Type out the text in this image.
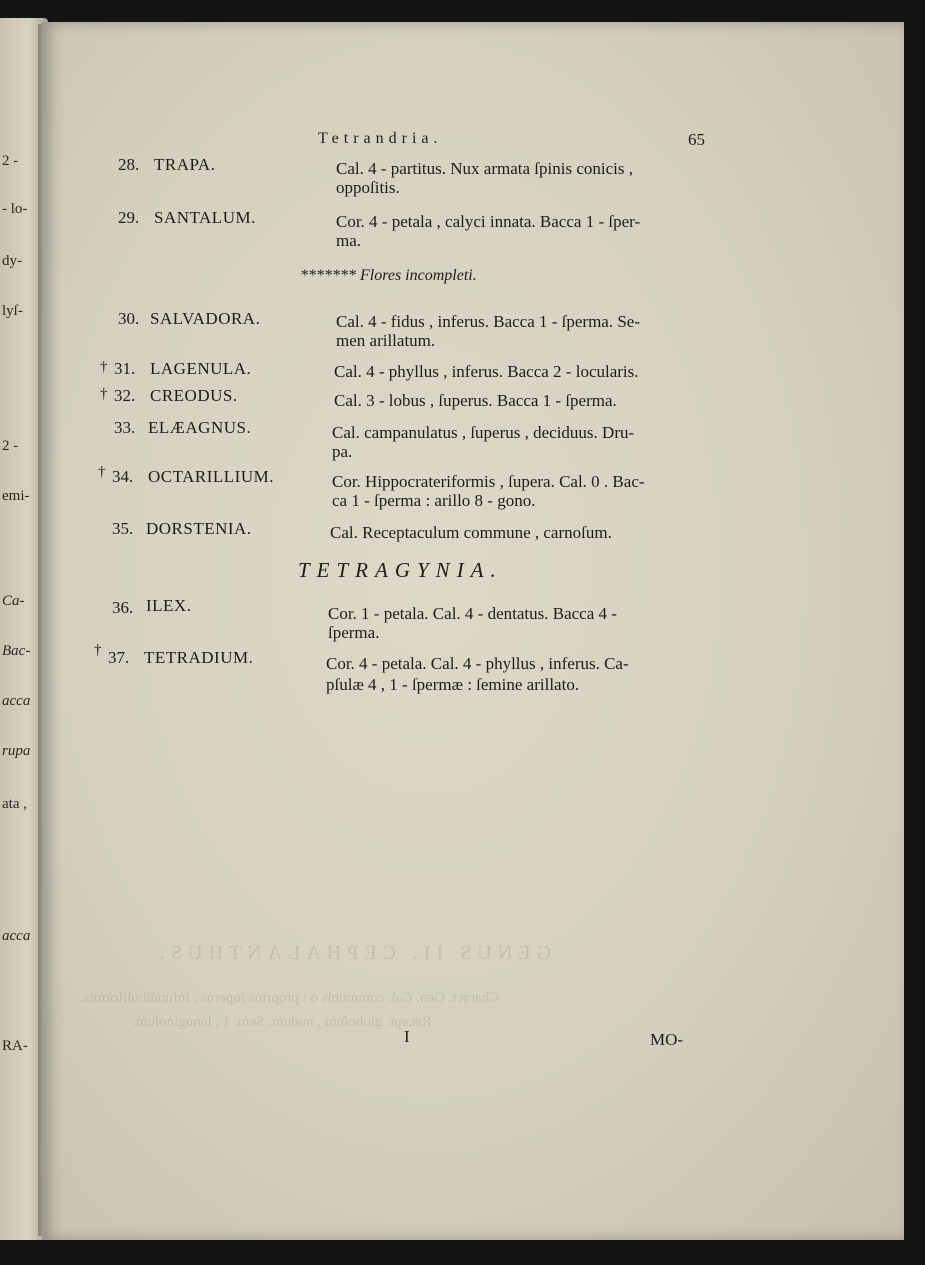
2 -
- lo-
dy-
lyſ-
2 -
emi-
Ca-
Bac-
acca
rupa
ata ,
acca
RA-
GENUS II. CEPHALANTHUS.
Charact. Gen. Cal. communis o : proprius ſuperus , infundibuliformis.
Recept. globoſum , nudum. Sem. 1 , lanuginoſum.
Tetrandria.	65
28. TRAPA.	Cal. 4 - partitus. Nux armata ſpinis conicis ,
oppoſitis.
29. SANTALUM.	Cor. 4 - petala , calyci innata. Bacca 1 - ſper-
ma.
******* Flores incompleti.
30. SALVADORA.	Cal. 4 - fidus , inferus. Bacca 1 - ſperma. Se-
men arillatum.
† 31. LAGENULA.	Cal. 4 - phyllus , inferus. Bacca 2 - locularis.
† 32. CREODUS.	Cal. 3 - lobus , ſuperus. Bacca 1 - ſperma.
33. ELÆAGNUS.	Cal. campanulatus , ſuperus , deciduus. Dru-
pa.
† 34. OCTARILLIUM.	Cor. Hippocrateriformis , ſupera. Cal. 0 . Bac-
ca 1 - ſperma : arillo 8 - gono.
35. DORSTENIA.	Cal. Receptaculum commune , carnoſum.
TETRAGYNIA.
36. ILEX.	Cor. 1 - petala. Cal. 4 - dentatus. Bacca 4 -
ſperma.
† 37. TETRADIUM.	Cor. 4 - petala. Cal. 4 - phyllus , inferus. Ca-
pſulæ 4 , 1 - ſpermæ : ſemine arillato.
I	MO-
